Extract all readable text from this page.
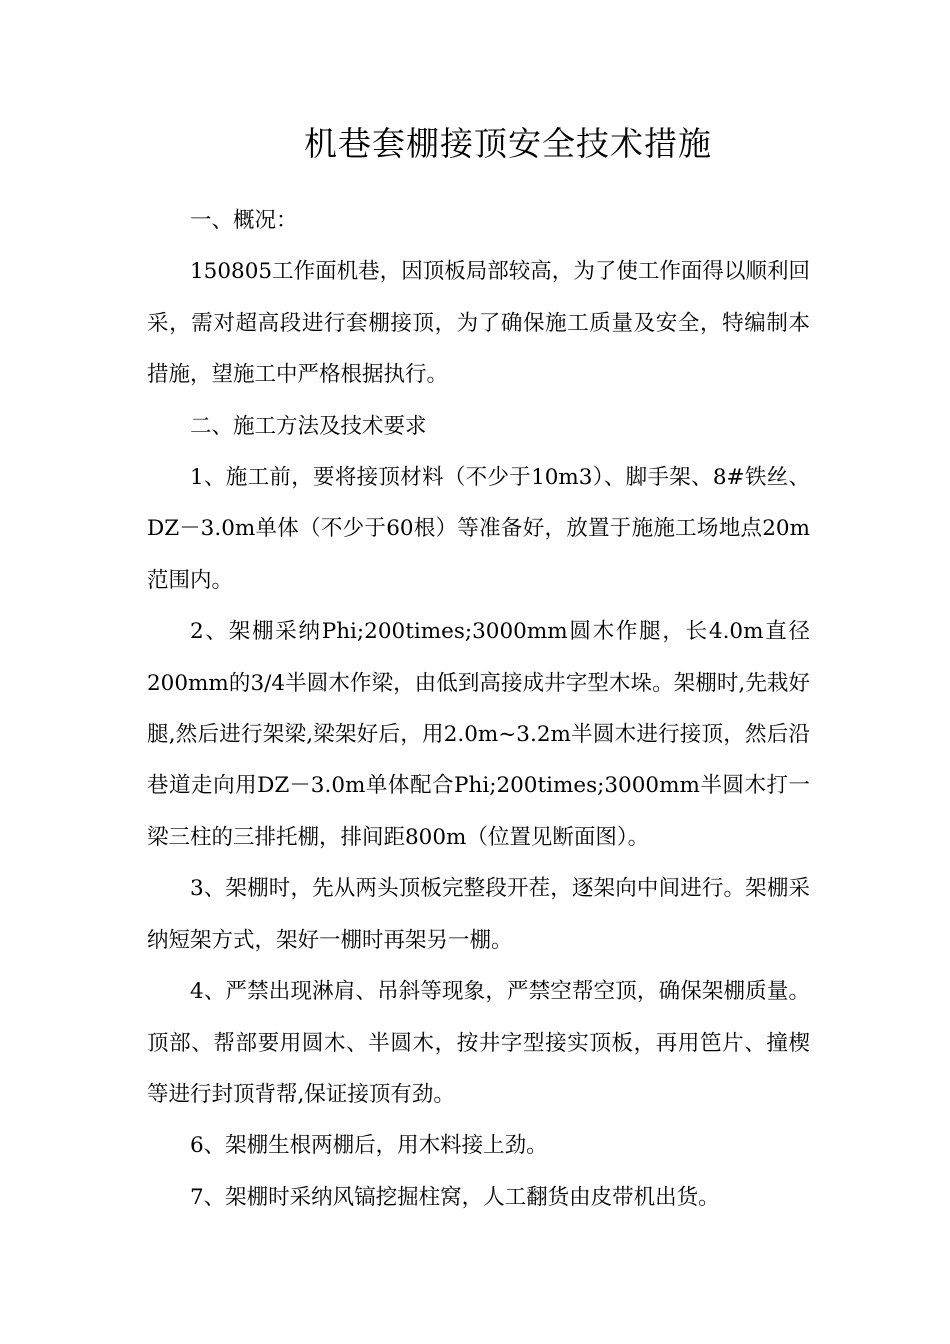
机巷套棚接顶安全技术措施

一、概况：

150805工作面机巷，因顶板局部较高，为了使工作面得以顺利回采，需对超高段进行套棚接顶，为了确保施工质量及安全，特编制本措施，望施工中严格根据执行。

二、施工方法及技术要求

1、施工前，要将接顶材料（不少于10m3）、脚手架、8#铁丝、DZ－3.0m单体（不少于60根）等准备好，放置于施施工场地点20m范围内。

2、架棚采纳Phi;200times;3000mm圆木作腿，长4.0m直径200mm的3/4半圆木作梁，由低到高接成井字型木垛。架棚时,先栽好腿,然后进行架梁,梁架好后，用2.0m~3.2m半圆木进行接顶，然后沿巷道走向用DZ－3.0m单体配合Phi;200times;3000mm半圆木打一梁三柱的三排托棚，排间距800m（位置见断面图）。

3、架棚时，先从两头顶板完整段开茬，逐架向中间进行。架棚采纳短架方式，架好一棚时再架另一棚。

4、严禁出现淋肩、吊斜等现象，严禁空帮空顶，确保架棚质量。顶部、帮部要用圆木、半圆木，按井字型接实顶板，再用笆片、撞楔等进行封顶背帮,保证接顶有劲。

6、架棚生根两棚后，用木料接上劲。

7、架棚时采纳风镐挖掘柱窝，人工翻货由皮带机出货。
